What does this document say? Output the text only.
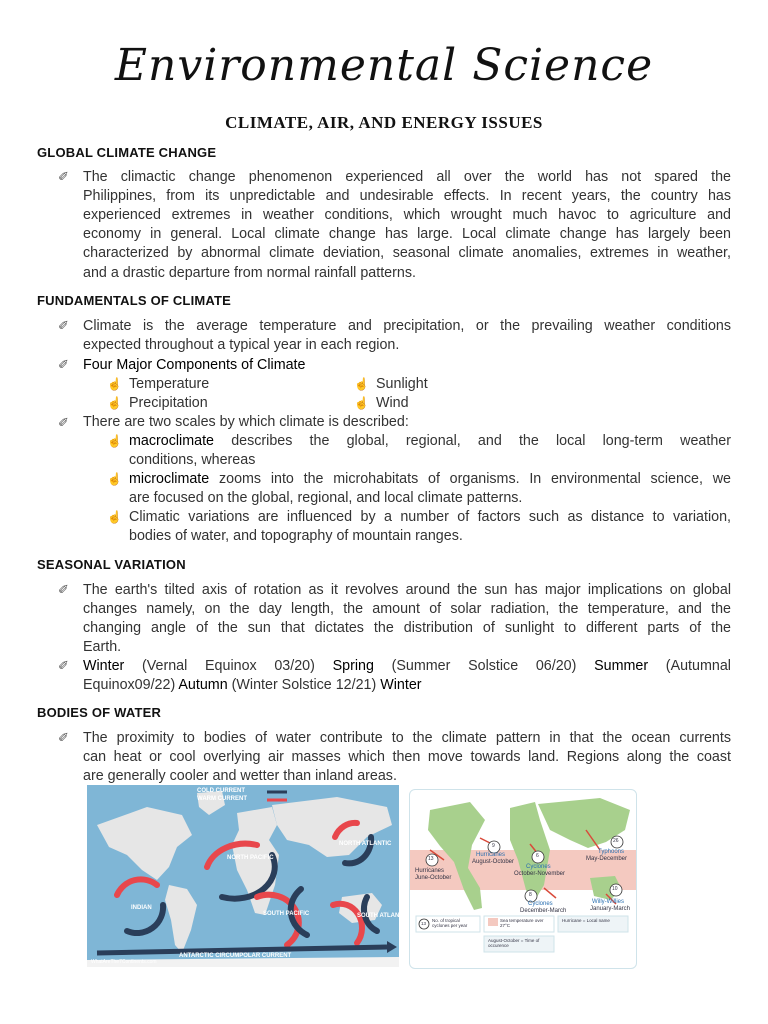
Environmental Science
CLIMATE, AIR, AND ENERGY ISSUES
GLOBAL CLIMATE CHANGE
✐ The climactic change phenomenon experienced all over the world has not spared the
Philippines, from its unpredictable and undesirable effects. In recent years, the country has
experienced extremes in weather conditions, which wrought much havoc to agriculture and
economy in general. Local climate change has large. Local climate change has largely been
characterized by abnormal climate deviation, seasonal climate anomalies, extremes in weather,
and a drastic departure from normal rainfall patterns.
FUNDAMENTALS OF CLIMATE
✐ Climate is the average temperature and precipitation, or the prevailing weather conditions
expected throughout a typical year in each region.
✐ Four Major Components of Climate
☝ Temperature	☝ Sunlight
☝ Precipitation	☝ Wind
✐ There are two scales by which climate is described:
☝ macroclimate describes the global, regional, and the local long-term weather
conditions, whereas
☝ microclimate zooms into the microhabitats of organisms. In environmental science, we
are focused on the global, regional, and local climate patterns.
☝ Climatic variations are influenced by a number of factors such as distance to variation,
bodies of water, and topography of mountain ranges.
SEASONAL VARIATION
✐ The earth's tilted axis of rotation as it revolves around the sun has major implications on global
changes namely, on the day length, the amount of solar radiation, the temperature, and the
changing angle of the sun that dictates the distribution of sunlight to different parts of the
Earth.
✐ Winter (Vernal Equinox 03/20) Spring (Summer Solstice 06/20) Summer (Autumnal
Equinox09/22) Autumn (Winter Solstice 12/21) Winter
BODIES OF WATER
✐ The proximity to bodies of water contribute to the climate pattern in that the ocean currents
can heat or cool overlying air masses which then move towards land. Regions along the coast
are generally cooler and wetter than inland areas.
COLD CURRENT
WARM CURRENT
NORTH PACIFIC
NORTH ATLANTIC
INDIAN
SOUTH PACIFIC	SOUTH ATLANTIC
ANTARCTIC CIRCUMPOLAR CURRENT
WhatAreThe7Continents.com
13
Hurricanes
June-October
9
Hurricanes
August-October
6
Cyclones
October-November
26
Typhoons
May-December
8
Cyclones
December-March
10
Willy-Willies
January-March
13
No. of tropical cyclones per year
Sea temperature over 27°C
Hurricane = Local name
August-October = Time of occurence
